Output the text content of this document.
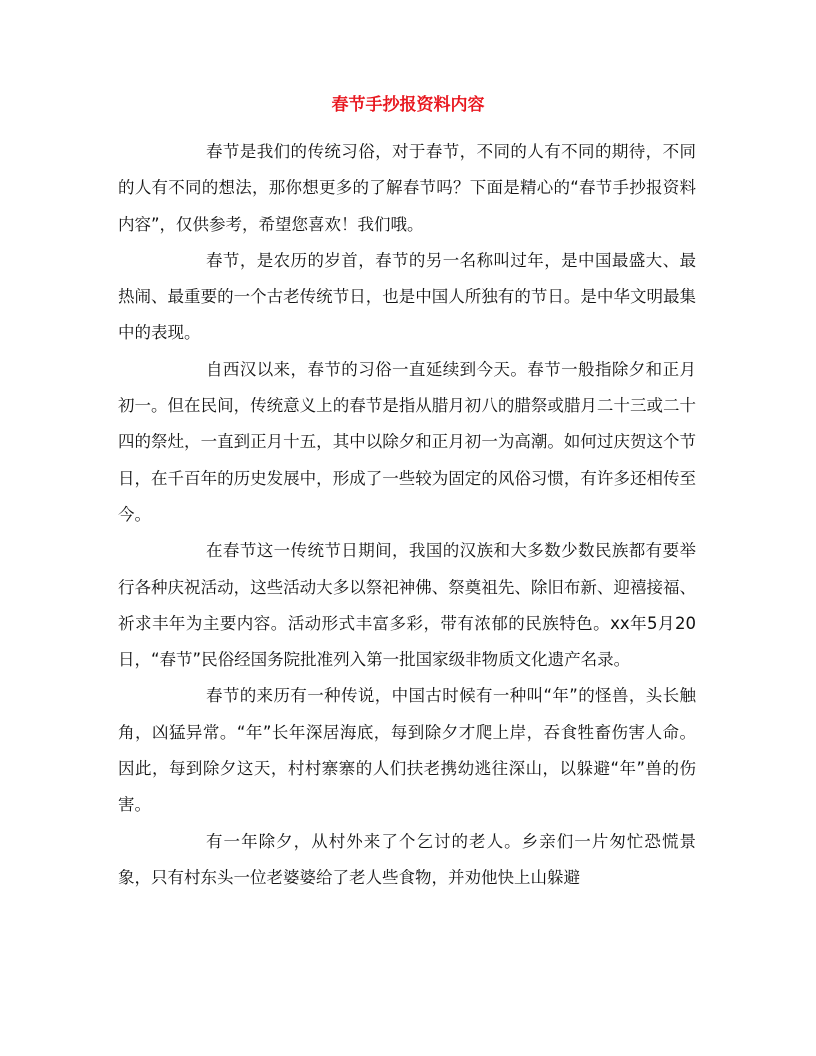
春节手抄报资料内容

春节是我们的传统习俗，对于春节，不同的人有不同的期待，不同的人有不同的想法，那你想更多的了解春节吗？下面是精心的“春节手抄报资料内容”，仅供参考，希望您喜欢！我们哦。

春节，是农历的岁首，春节的另一名称叫过年，是中国最盛大、最热闹、最重要的一个古老传统节日，也是中国人所独有的节日。是中华文明最集中的表现。

自西汉以来，春节的习俗一直延续到今天。春节一般指除夕和正月初一。但在民间，传统意义上的春节是指从腊月初八的腊祭或腊月二十三或二十四的祭灶，一直到正月十五，其中以除夕和正月初一为高潮。如何过庆贺这个节日，在千百年的历史发展中，形成了一些较为固定的风俗习惯，有许多还相传至今。

在春节这一传统节日期间，我国的汉族和大多数少数民族都有要举行各种庆祝活动，这些活动大多以祭祀神佛、祭奠祖先、除旧布新、迎禧接福、祈求丰年为主要内容。活动形式丰富多彩，带有浓郁的民族特色。xx年5月20日，“春节”民俗经国务院批准列入第一批国家级非物质文化遗产名录。

春节的来历有一种传说，中国古时候有一种叫“年”的怪兽，头长触角，凶猛异常。“年”长年深居海底，每到除夕才爬上岸，吞食牲畜伤害人命。因此，每到除夕这天，村村寨寨的人们扶老携幼逃往深山，以躲避“年”兽的伤害。

有一年除夕，从村外来了个乞讨的老人。乡亲们一片匆忙恐慌景象，只有村东头一位老婆婆给了老人些食物，并劝他快上山躲避
